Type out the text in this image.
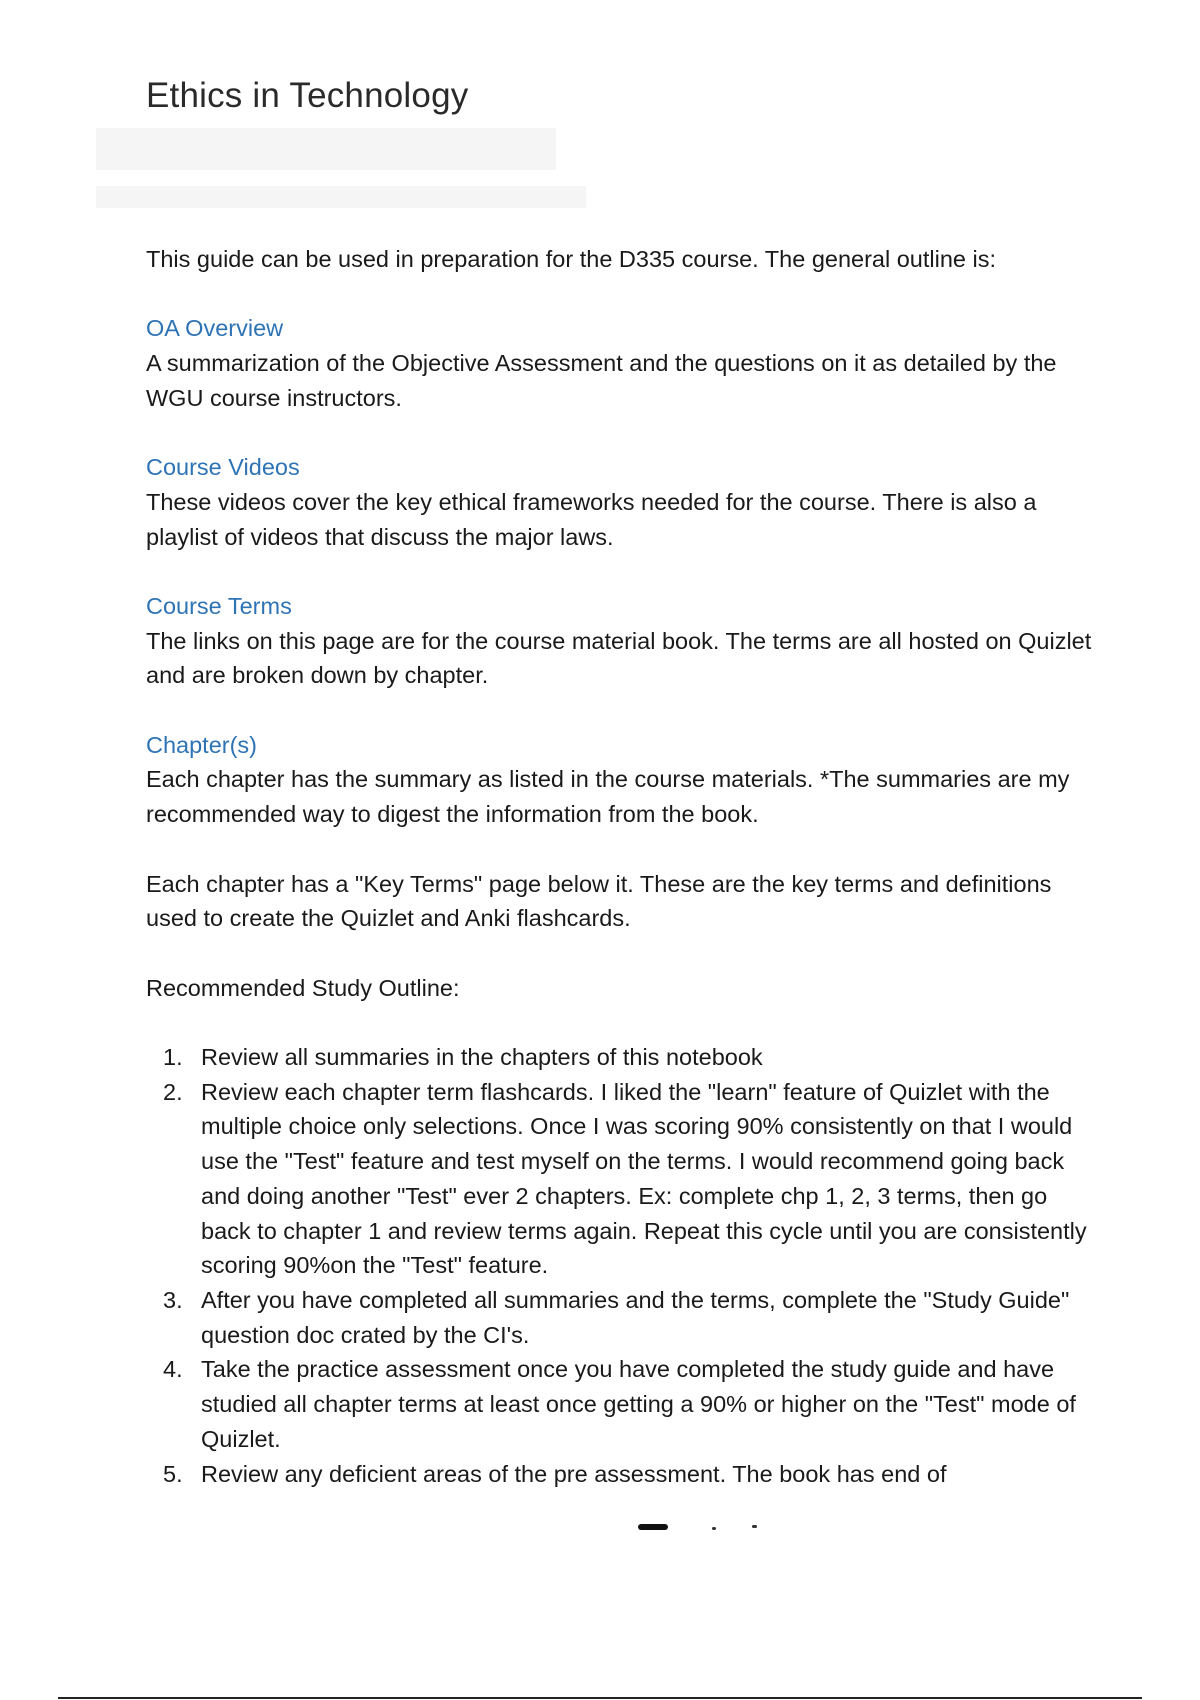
Ethics in Technology

This guide can be used in preparation for the D335 course. The general outline is:

OA Overview

A summarization of the Objective Assessment and the questions on it as detailed by the WGU course instructors.

Course Videos

These videos cover the key ethical frameworks needed for the course. There is also a playlist of videos that discuss the major laws.

Course Terms

The links on this page are for the course material book. The terms are all hosted on Quizlet and are broken down by chapter.

Chapter(s)

Each chapter has the summary as listed in the course materials. *The summaries are my recommended way to digest the information from the book.

Each chapter has a "Key Terms" page below it. These are the key terms and definitions used to create the Quizlet and Anki flashcards.

Recommended Study Outline:

1. Review all summaries in the chapters of this notebook
2. Review each chapter term flashcards. I liked the "learn" feature of Quizlet with the multiple choice only selections. Once I was scoring 90% consistently on that I would use the "Test" feature and test myself on the terms. I would recommend going back and doing another "Test" ever 2 chapters. Ex: complete chp 1, 2, 3 terms, then go back to chapter 1 and review terms again. Repeat this cycle until you are consistently scoring 90%on the "Test" feature.
3. After you have completed all summaries and the terms, complete the "Study Guide" question doc crated by the CI's.
4. Take the practice assessment once you have completed the study guide and have studied all chapter terms at least once getting a 90% or higher on the "Test" mode of Quizlet.
5. Review any deficient areas of the pre assessment. The book has end of
